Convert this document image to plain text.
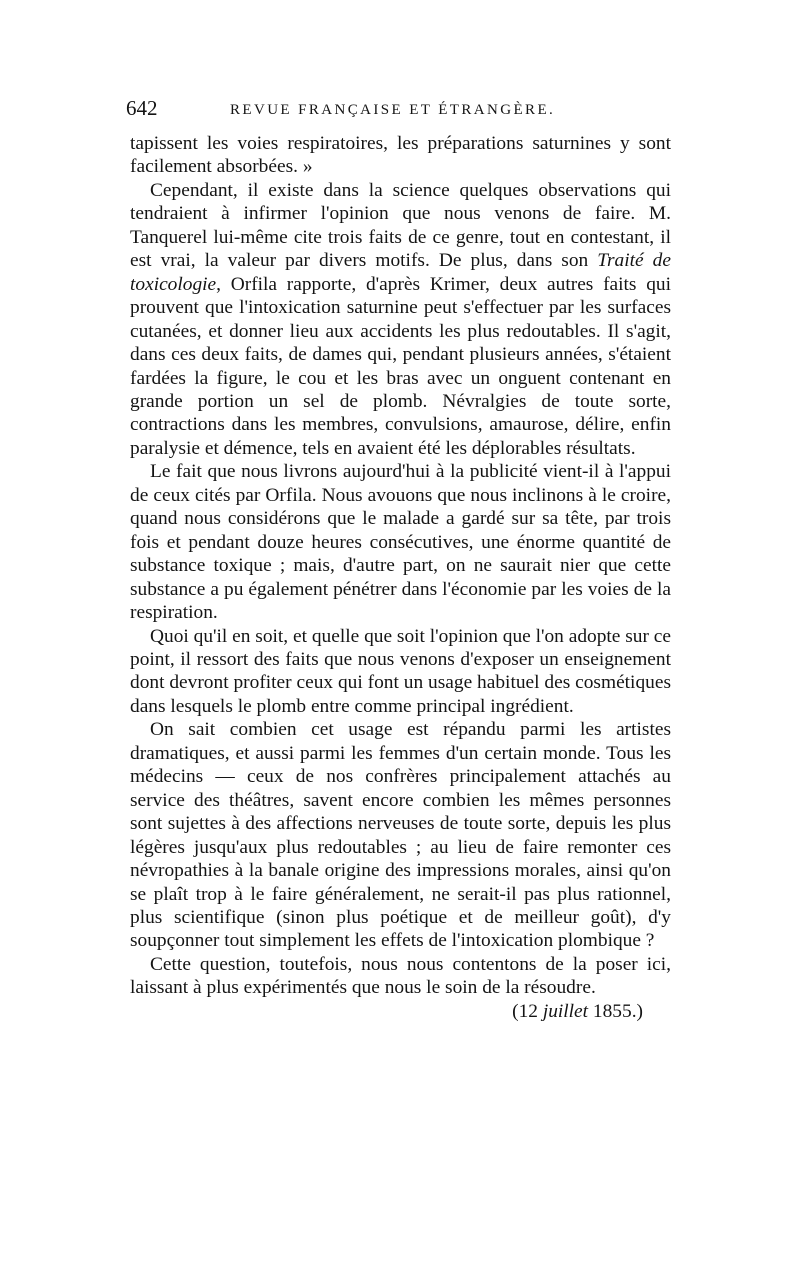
642	REVUE FRANÇAISE ET ÉTRANGÈRE.

tapissent les voies respiratoires, les préparations saturnines y sont facilement absorbées. »

Cependant, il existe dans la science quelques observations qui tendraient à infirmer l'opinion que nous venons de faire. M. Tanquerel lui-même cite trois faits de ce genre, tout en contestant, il est vrai, la valeur par divers motifs. De plus, dans son Traité de toxicologie, Orfila rapporte, d'après Krimer, deux autres faits qui prouvent que l'intoxication saturnine peut s'effectuer par les surfaces cutanées, et donner lieu aux accidents les plus redoutables. Il s'agit, dans ces deux faits, de dames qui, pendant plusieurs années, s'étaient fardées la figure, le cou et les bras avec un onguent contenant en grande portion un sel de plomb. Névralgies de toute sorte, contractions dans les membres, convulsions, amaurose, délire, enfin paralysie et démence, tels en avaient été les déplorables résultats.

Le fait que nous livrons aujourd'hui à la publicité vient-il à l'appui de ceux cités par Orfila. Nous avouons que nous inclinons à le croire, quand nous considérons que le malade a gardé sur sa tête, par trois fois et pendant douze heures consécutives, une énorme quantité de substance toxique ; mais, d'autre part, on ne saurait nier que cette substance a pu également pénétrer dans l'économie par les voies de la respiration.

Quoi qu'il en soit, et quelle que soit l'opinion que l'on adopte sur ce point, il ressort des faits que nous venons d'exposer un enseignement dont devront profiter ceux qui font un usage habituel des cosmétiques dans lesquels le plomb entre comme principal ingrédient.

On sait combien cet usage est répandu parmi les artistes dramatiques, et aussi parmi les femmes d'un certain monde. Tous les médecins — ceux de nos confrères principalement attachés au service des théâtres, savent encore combien les mêmes personnes sont sujettes à des affections nerveuses de toute sorte, depuis les plus légères jusqu'aux plus redoutables ; au lieu de faire remonter ces névropathies à la banale origine des impressions morales, ainsi qu'on se plaît trop à le faire généralement, ne serait-il pas plus rationnel, plus scientifique (sinon plus poétique et de meilleur goût), d'y soupçonner tout simplement les effets de l'intoxication plombique ?

Cette question, toutefois, nous nous contentons de la poser ici, laissant à plus expérimentés que nous le soin de la résoudre.

(12 juillet 1855.)
